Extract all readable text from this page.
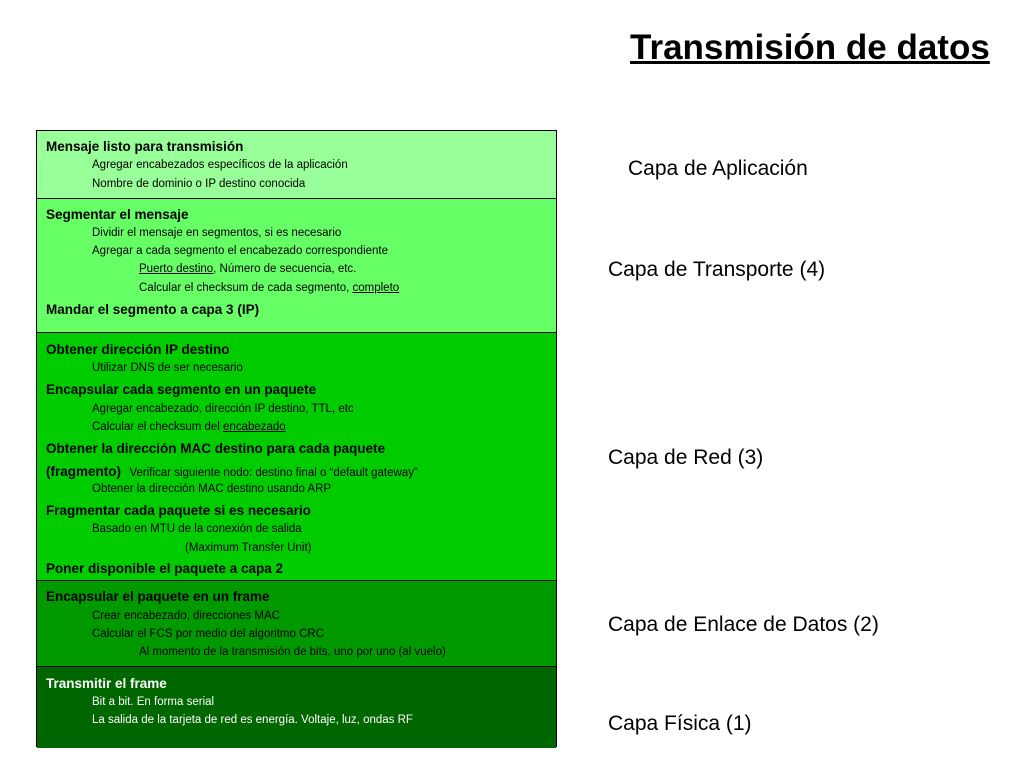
Transmisión de datos
Mensaje listo para transmisión
Agregar encabezados específicos de la aplicación
Nombre de dominio o IP destino conocida
Segmentar el mensaje
Dividir el mensaje en segmentos, si es necesario
Agregar a cada segmento el encabezado correspondiente
Puerto destino, Número de secuencia, etc.
Calcular el checksum de cada segmento, completo
Mandar el segmento a capa 3 (IP)
Obtener dirección IP destino
Utilizar DNS de ser necesario
Encapsular cada segmento en un paquete
Agregar encabezado, dirección IP destino, TTL, etc
Calcular el checksum del encabezado
Obtener la dirección MAC destino para cada paquete
(fragmento) Verificar siguiente nodo: destino final o “default gateway”
Obtener la dirección MAC destino usando ARP
Fragmentar cada paquete si es necesario
Basado en MTU de la conexión de salida
(Maximum Transfer Unit)
Poner disponible el paquete a capa 2
Encapsular el paquete en un frame
Crear encabezado, direcciones MAC
Calcular el FCS por medio del algoritmo CRC
Al momento de la transmisión de bits, uno por uno (al vuelo)
Transmitir el frame
Bit a bit. En forma serial
La salida de la tarjeta de red es energía. Voltaje, luz, ondas RF
Capa de Aplicación
Capa de Transporte (4)
Capa de Red (3)
Capa de Enlace de Datos (2)
Capa Física (1)
